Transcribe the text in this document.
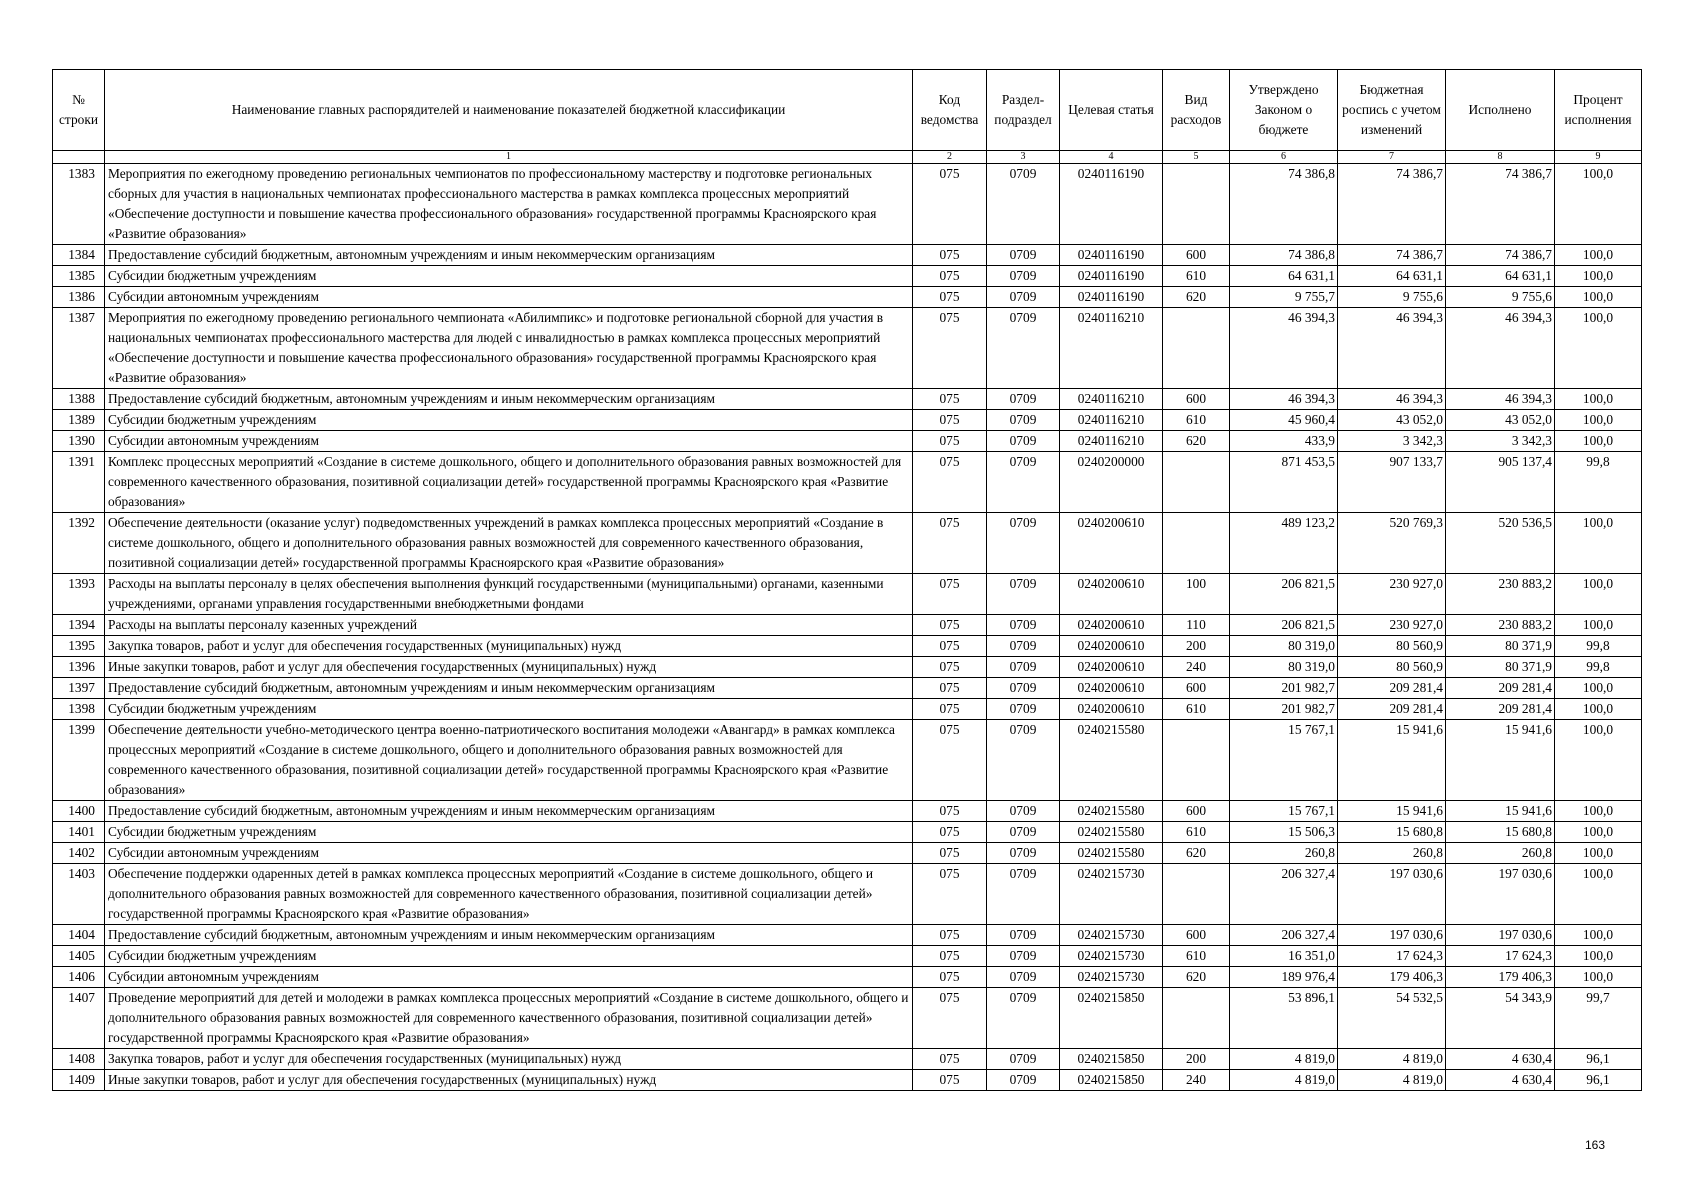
№ строки	Наименование главных распорядителей и наименование показателей бюджетной классификации	Код ведомства	Раздел-подраздел	Целевая статья	Вид расходов	Утверждено Законом о бюджете	Бюджетная роспись с учетом изменений	Исполнено	Процент исполнения
	1	2	3	4	5	6	7	8	9
1383	Мероприятия по ежегодному проведению региональных чемпионатов по профессиональному мастерству и подготовке региональных сборных для участия в национальных чемпионатах профессионального мастерства в рамках комплекса процессных мероприятий «Обеспечение доступности и повышение качества профессионального образования» государственной программы Красноярского края «Развитие образования»	075	0709	0240116190		74 386,8	74 386,7	74 386,7	100,0
1384	Предоставление субсидий бюджетным, автономным учреждениям и иным некоммерческим организациям	075	0709	0240116190	600	74 386,8	74 386,7	74 386,7	100,0
1385	Субсидии бюджетным учреждениям	075	0709	0240116190	610	64 631,1	64 631,1	64 631,1	100,0
1386	Субсидии автономным учреждениям	075	0709	0240116190	620	9 755,7	9 755,6	9 755,6	100,0
1387	Мероприятия по ежегодному проведению регионального чемпионата «Абилимпикс» и подготовке региональной сборной для участия в национальных чемпионатах профессионального мастерства для людей с инвалидностью в рамках комплекса процессных мероприятий «Обеспечение доступности и повышение качества профессионального образования» государственной программы Красноярского края «Развитие образования»	075	0709	0240116210		46 394,3	46 394,3	46 394,3	100,0
1388	Предоставление субсидий бюджетным, автономным учреждениям и иным некоммерческим организациям	075	0709	0240116210	600	46 394,3	46 394,3	46 394,3	100,0
1389	Субсидии бюджетным учреждениям	075	0709	0240116210	610	45 960,4	43 052,0	43 052,0	100,0
1390	Субсидии автономным учреждениям	075	0709	0240116210	620	433,9	3 342,3	3 342,3	100,0
1391	Комплекс процессных мероприятий «Создание в системе дошкольного, общего и дополнительного образования равных возможностей для современного качественного образования, позитивной социализации детей» государственной программы Красноярского края «Развитие образования»	075	0709	0240200000		871 453,5	907 133,7	905 137,4	99,8
1392	Обеспечение деятельности (оказание услуг) подведомственных учреждений в рамках комплекса процессных мероприятий «Создание в системе дошкольного, общего и дополнительного образования равных возможностей для современного качественного образования, позитивной социализации детей» государственной программы Красноярского края «Развитие образования»	075	0709	0240200610		489 123,2	520 769,3	520 536,5	100,0
1393	Расходы на выплаты персоналу в целях обеспечения выполнения функций государственными (муниципальными) органами, казенными учреждениями, органами управления государственными внебюджетными фондами	075	0709	0240200610	100	206 821,5	230 927,0	230 883,2	100,0
1394	Расходы на выплаты персоналу казенных учреждений	075	0709	0240200610	110	206 821,5	230 927,0	230 883,2	100,0
1395	Закупка товаров, работ и услуг для обеспечения государственных (муниципальных) нужд	075	0709	0240200610	200	80 319,0	80 560,9	80 371,9	99,8
1396	Иные закупки товаров, работ и услуг для обеспечения государственных (муниципальных) нужд	075	0709	0240200610	240	80 319,0	80 560,9	80 371,9	99,8
1397	Предоставление субсидий бюджетным, автономным учреждениям и иным некоммерческим организациям	075	0709	0240200610	600	201 982,7	209 281,4	209 281,4	100,0
1398	Субсидии бюджетным учреждениям	075	0709	0240200610	610	201 982,7	209 281,4	209 281,4	100,0
1399	Обеспечение деятельности учебно-методического центра военно-патриотического воспитания молодежи «Авангард» в рамках комплекса процессных мероприятий «Создание в системе дошкольного, общего и дополнительного образования равных возможностей для современного качественного образования, позитивной социализации детей» государственной программы Красноярского края «Развитие образования»	075	0709	0240215580		15 767,1	15 941,6	15 941,6	100,0
1400	Предоставление субсидий бюджетным, автономным учреждениям и иным некоммерческим организациям	075	0709	0240215580	600	15 767,1	15 941,6	15 941,6	100,0
1401	Субсидии бюджетным учреждениям	075	0709	0240215580	610	15 506,3	15 680,8	15 680,8	100,0
1402	Субсидии автономным учреждениям	075	0709	0240215580	620	260,8	260,8	260,8	100,0
1403	Обеспечение поддержки одаренных детей в рамках комплекса процессных мероприятий «Создание в системе дошкольного, общего и дополнительного образования равных возможностей для современного качественного образования, позитивной социализации детей» государственной программы Красноярского края «Развитие образования»	075	0709	0240215730		206 327,4	197 030,6	197 030,6	100,0
1404	Предоставление субсидий бюджетным, автономным учреждениям и иным некоммерческим организациям	075	0709	0240215730	600	206 327,4	197 030,6	197 030,6	100,0
1405	Субсидии бюджетным учреждениям	075	0709	0240215730	610	16 351,0	17 624,3	17 624,3	100,0
1406	Субсидии автономным учреждениям	075	0709	0240215730	620	189 976,4	179 406,3	179 406,3	100,0
1407	Проведение мероприятий для детей и молодежи в рамках комплекса процессных мероприятий «Создание в системе дошкольного, общего и дополнительного образования равных возможностей для современного качественного образования, позитивной социализации детей» государственной программы Красноярского края «Развитие образования»	075	0709	0240215850		53 896,1	54 532,5	54 343,9	99,7
1408	Закупка товаров, работ и услуг для обеспечения государственных (муниципальных) нужд	075	0709	0240215850	200	4 819,0	4 819,0	4 630,4	96,1
1409	Иные закупки товаров, работ и услуг для обеспечения государственных (муниципальных) нужд	075	0709	0240215850	240	4 819,0	4 819,0	4 630,4	96,1
163
